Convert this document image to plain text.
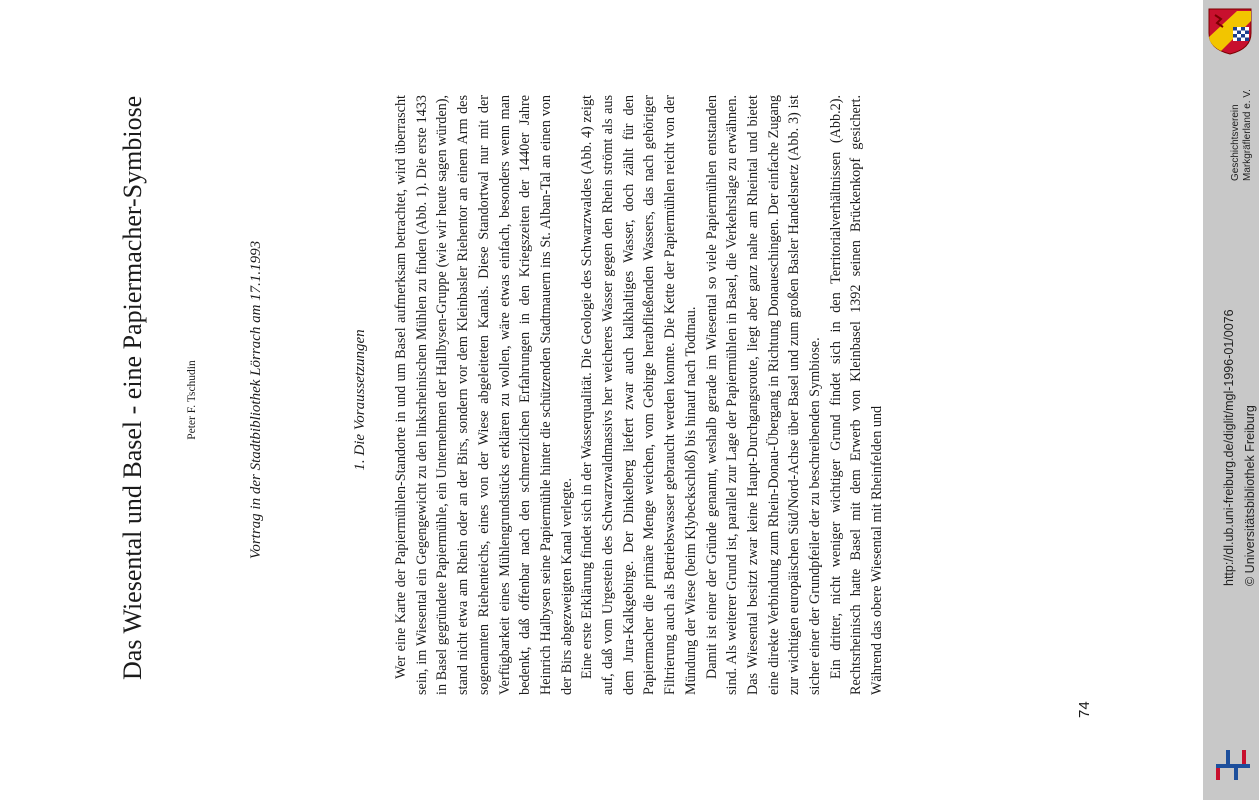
Das Wiesental und Basel - eine Papiermacher-Symbiose	Peter F. Tschudin	Vortrag in der Stadtbibliothek Lörrach am 17.1.1993	1. Die Voraussetzungen Wer eine Karte der Papiermühlen-Standorte in und um Basel aufmerksam betrachtet, wird überrascht sein, im Wiesental ein Gegengewicht zu den linksrheinischen Mühlen zu finden (Abb. 1). Die erste 1433 in Basel gegründete Papiermühle, ein Unternehmen der Hallbysen-Gruppe (wie wir heute sagen würden), stand nicht etwa am Rhein oder an der Birs, sondern vor dem Kleinbasler Riehentor an einem Arm des sogenannten Riehenteichs, eines von der Wiese abgeleiteten Kanals. Diese Standortwal nur mit der Verfügbarkeit eines Mühlengrundstücks erklären zu wollen, wäre etwas einfach, besonders wenn man bedenkt, daß offenbar nach den schmerzlichen Erfahrungen in den Kriegszeiten der 1440er Jahre Heinrich Halbysen seine Papiermühle hinter die schützenden Stadtmauern ins St. Alban-Tal an einen von der Birs abgezweigten Kanal verlegte. Eine erste Erklärung findet sich in der Wasserqualität. Die Geologie des Schwarzwaldes (Abb. 4) zeigt auf, daß vom Urgestein des Schwarzwaldmassivs her weicheres Wasser gegen den Rhein strömt als aus dem Jura-Kalkgebirge. Der Dinkelberg liefert zwar auch kalkhaltiges Wasser, doch zählt für den Papiermacher die primäre Menge weichen, vom Gebirge herabfließenden Wassers, das nach gehöriger Filtrierung auch als Betriebswasser gebraucht werden konnte. Die Kette der Papiermühlen reicht von der Mündung der Wiese (beim Klybeckschloß) bis hinauf nach Todtnau. Damit ist einer der Gründe genannt, weshalb gerade im Wiesental so viele Papiermühlen entstanden sind. Als weiterer Grund ist, parallel zur Lage der Papiermühlen in Basel, die Verkehrslage zu erwähnen. Das Wiesental besitzt zwar keine Haupt-Durchgangsroute, liegt aber ganz nahe am Rheintal und bietet eine direkte Verbindung zum Rhein-Donau-Übergang in Richtung Donaueschingen. Der einfache Zugang zur wichtigen europäischen Süd/Nord-Achse über Basel und zum großen Basler Handelsnetz (Abb. 3) ist sicher einer der Grundpfeiler der zu beschreibenden Symbiose. Ein dritter, nicht weniger wichtiger Grund findet sich in den Territorialverhältnissen (Abb.2). Rechtsrheinisch hatte Basel mit dem Erwerb von Kleinbasel 1392 seinen Brückenkopf gesichert. Während das obere Wiesental mit Rheinfelden und

74
Geschichtsverein Markgräflerland e. V.
http://dl.ub.uni-freiburg.de/diglit/mgl-1996-01/0076 © Universitätsbibliothek Freiburg
